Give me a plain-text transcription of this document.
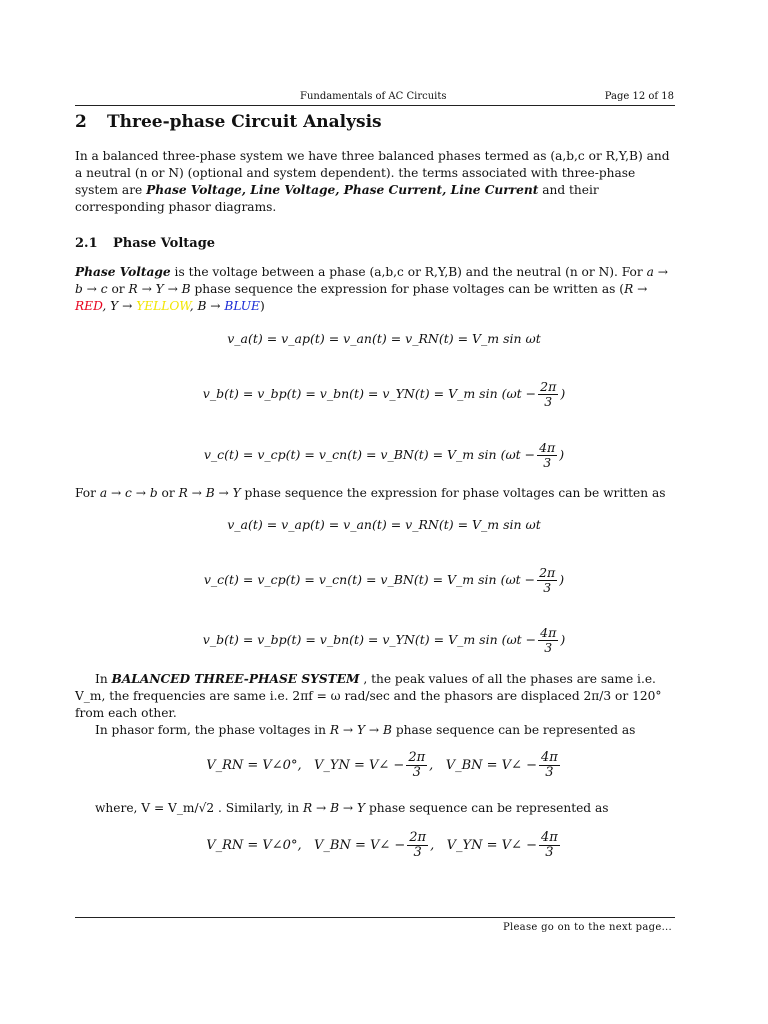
Fundamentals of AC Circuits	Page 12 of 18
2 Three-phase Circuit Analysis
In a balanced three-phase system we have three balanced phases termed as (a,b,c or R,Y,B) and a neutral (n or N) (optional and system dependent). the terms associated with three-phase system are Phase Voltage, Line Voltage, Phase Current, Line Current and their corresponding phasor diagrams.
2.1 Phase Voltage
Phase Voltage is the voltage between a phase (a,b,c or R,Y,B) and the neutral (n or N). For a → b → c or R → Y → B phase sequence the expression for phase voltages can be written as (R → RED, Y → YELLOW, B → BLUE)
v_a(t) = v_ap(t) = v_an(t) = v_RN(t) = V_m sin ωt
v_b(t) = v_bp(t) = v_bn(t) = v_YN(t) = V_m $\sin (\omega t - \frac{2\pi}{3}$ )
v_c(t) = v_cp(t) = v_cn(t) = v_BN(t) = V_m $\sin (\omega t - \frac{4\pi}{3}$ )
For a → c → b or R → B → Y phase sequence the expression for phase voltages can be written as
v_a(t) = v_ap(t) = v_an(t) = v_RN(t) = V_m sin ωt
v_c(t) = v_cp(t) = v_cn(t) = v_BN(t) = V_m $\sin (\omega t - \frac{2\pi}{3}$ )
v_b(t) = v_bp(t) = v_bn(t) = v_YN(t) = V_m $\sin (\omega t - \frac{4\pi}{3}$ )
In BALANCED THREE-PHASE SYSTEM , the peak values of all the phases are same i.e. V_m, the frequencies are same i.e. 2πf = ω rad/sec and the phasors are displaced 2π/3 or 120° from each other.
In phasor form, the phase voltages in R → Y → B phase sequence can be represented as
V_RN = V∠0°, V_YN = V∠ − $\frac{2\pi}{3}$ , V_BN = V∠ − $\frac{4\pi}{3}$
where, V = V_m/√2 . Similarly, in R → B → Y phase sequence can be represented as
V_RN = V∠0°, V_BN = V∠ − $\frac{2\pi}{3}$ , V_YN = V∠ − $\frac{4\pi}{3}$
Please go on to the next page...
